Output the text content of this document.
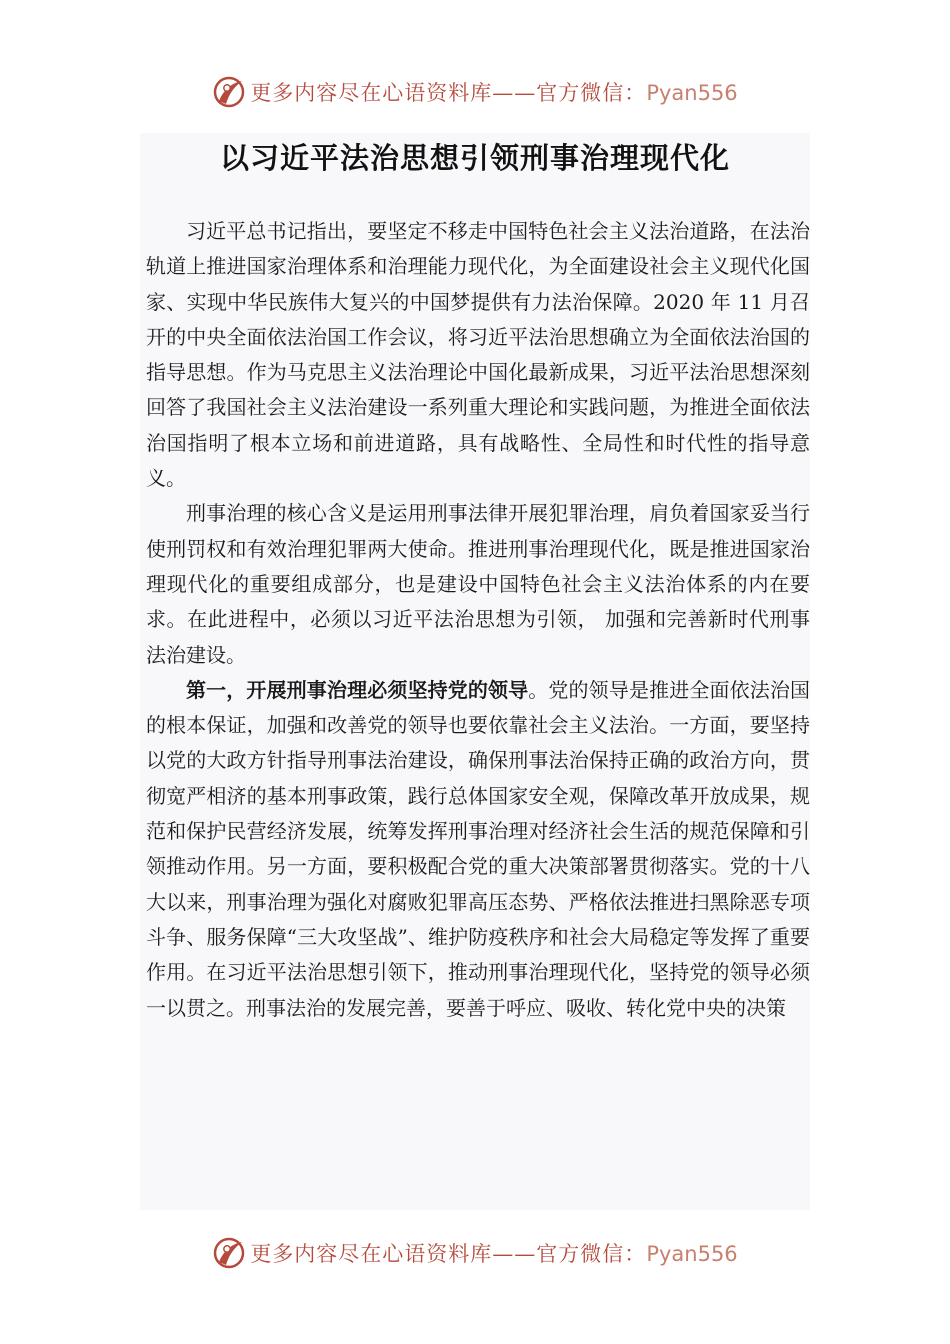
更多内容尽在心语资料库——官方微信：Pyan556
以习近平法治思想引领刑事治理现代化

习近平总书记指出，要坚定不移走中国特色社会主义法治道路，在法治轨道上推进国家治理体系和治理能力现代化，为全面建设社会主义现代化国家、实现中华民族伟大复兴的中国梦提供有力法治保障。2020 年 11 月召开的中央全面依法治国工作会议，将习近平法治思想确立为全面依法治国的指导思想。作为马克思主义法治理论中国化最新成果，习近平法治思想深刻回答了我国社会主义法治建设一系列重大理论和实践问题，为推进全面依法治国指明了根本立场和前进道路，具有战略性、全局性和时代性的指导意义。

刑事治理的核心含义是运用刑事法律开展犯罪治理，肩负着国家妥当行使刑罚权和有效治理犯罪两大使命。推进刑事治理现代化，既是推进国家治理现代化的重要组成部分，也是建设中国特色社会主义法治体系的内在要求。在此进程中，必须以习近平法治思想为引领， 加强和完善新时代刑事法治建设。

第一，开展刑事治理必须坚持党的领导。党的领导是推进全面依法治国的根本保证，加强和改善党的领导也要依靠社会主义法治。一方面，要坚持以党的大政方针指导刑事法治建设，确保刑事法治保持正确的政治方向，贯彻宽严相济的基本刑事政策，践行总体国家安全观，保障改革开放成果，规范和保护民营经济发展，统筹发挥刑事治理对经济社会生活的规范保障和引领推动作用。另一方面，要积极配合党的重大决策部署贯彻落实。党的十八大以来，刑事治理为强化对腐败犯罪高压态势、严格依法推进扫黑除恶专项斗争、服务保障“三大攻坚战”、维护防疫秩序和社会大局稳定等发挥了重要作用。在习近平法治思想引领下，推动刑事治理现代化，坚持党的领导必须一以贯之。刑事法治的发展完善，要善于呼应、吸收、转化党中央的决策

更多内容尽在心语资料库——官方微信：Pyan556
